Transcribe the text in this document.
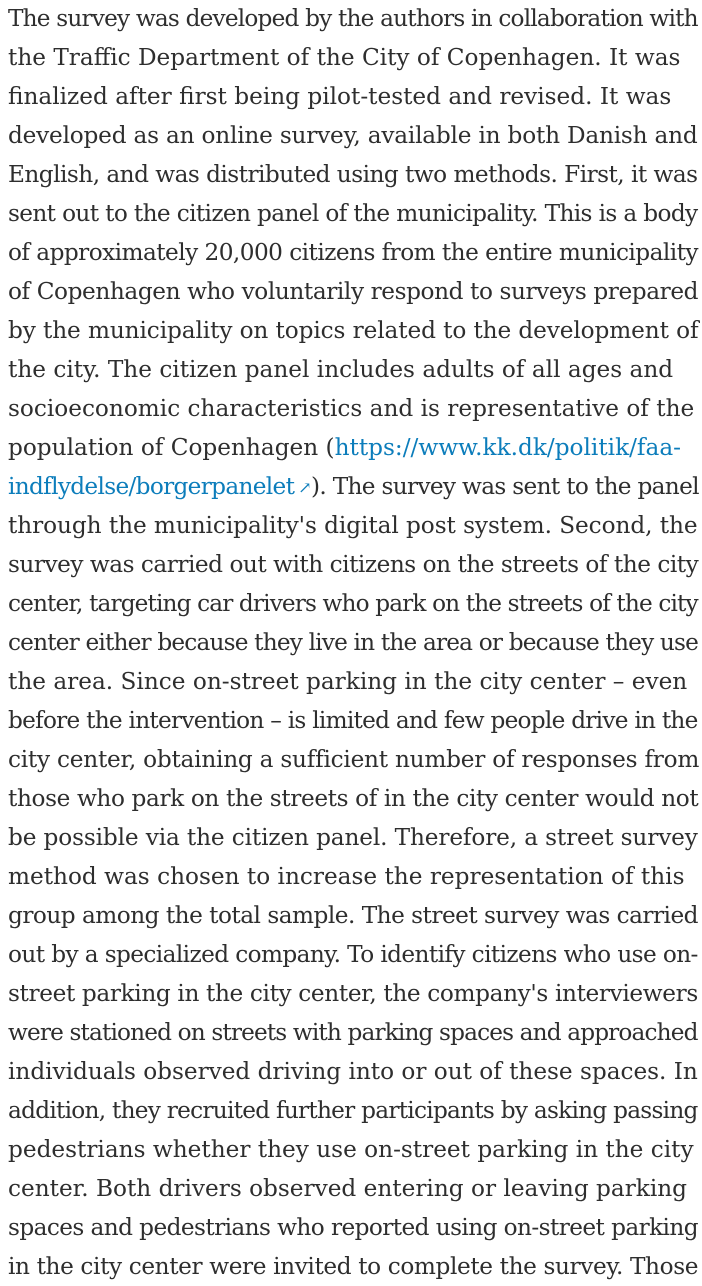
The survey was developed by the authors in collaboration with
the Traffic Department of the City of Copenhagen. It was
finalized after first being pilot-tested and revised. It was
developed as an online survey, available in both Danish and
English, and was distributed using two methods. First, it was
sent out to the citizen panel of the municipality. This is a body
of approximately 20,000 citizens from the entire municipality
of Copenhagen who voluntarily respond to surveys prepared
by the municipality on topics related to the development of
the city. The citizen panel includes adults of all ages and
socioeconomic characteristics and is representative of the
population of Copenhagen (https://www.kk.dk/politik/faa-
indflydelse/borgerpanelet ↗). The survey was sent to the panel
through the municipality's digital post system. Second, the
survey was carried out with citizens on the streets of the city
center, targeting car drivers who park on the streets of the city
center either because they live in the area or because they use
the area. Since on-street parking in the city center – even
before the intervention – is limited and few people drive in the
city center, obtaining a sufficient number of responses from
those who park on the streets of in the city center would not
be possible via the citizen panel. Therefore, a street survey
method was chosen to increase the representation of this
group among the total sample. The street survey was carried
out by a specialized company. To identify citizens who use on-
street parking in the city center, the company's interviewers
were stationed on streets with parking spaces and approached
individuals observed driving into or out of these spaces. In
addition, they recruited further participants by asking passing
pedestrians whether they use on-street parking in the city
center. Both drivers observed entering or leaving parking
spaces and pedestrians who reported using on-street parking
in the city center were invited to complete the survey. Those
